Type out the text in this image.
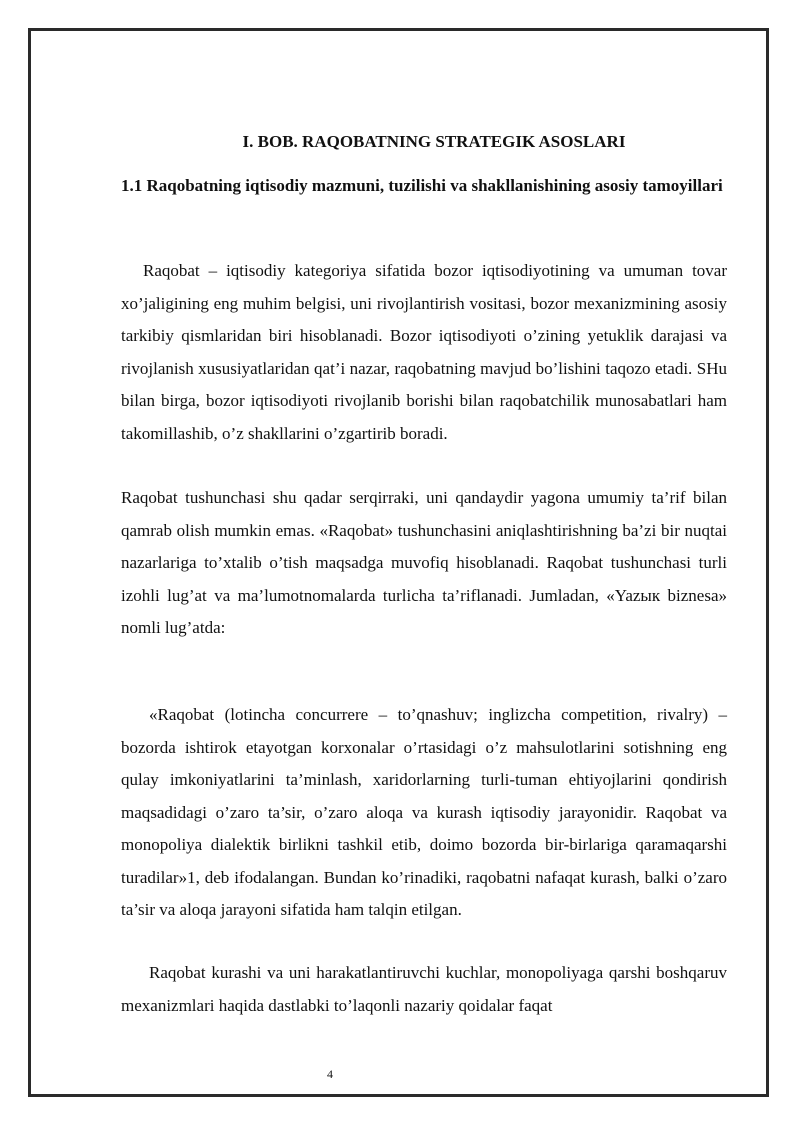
I. BOB. RAQOBATNING STRATEGIK ASOSLARI
1.1 Raqobatning iqtisodiy mazmuni, tuzilishi va shakllanishining asosiy tamoyillari

Raqobat – iqtisodiy kategoriya sifatida bozor iqtisodiyotining va umuman tovar xo’jaligining eng muhim belgisi, uni rivojlantirish vositasi, bozor mexanizmining asosiy tarkibiy qismlaridan biri hisoblanadi. Bozor iqtisodiyoti o’zining yetuklik darajasi va rivojlanish xususiyatlaridan qat’i nazar, raqobatning mavjud bo’lishini taqozo etadi. SHu bilan birga, bozor iqtisodiyoti rivojlanib borishi bilan raqobatchilik munosabatlari ham takomillashib, o’z shakllarini o’zgartirib boradi.

Raqobat tushunchasi shu qadar serqirraki, uni qandaydir yagona umumiy ta’rif bilan qamrab olish mumkin emas. «Raqobat» tushunchasini aniqlashtirishning ba’zi bir nuqtai nazarlariga to’xtalib o’tish maqsadga muvofiq hisoblanadi. Raqobat tushunchasi turli izohli lug’at va ma’lumotnomalarda turlicha ta’riflanadi. Jumladan, «Yazык biznesa» nomli lug’atda:

«Raqobat (lotincha concurrere – to’qnashuv; inglizcha competition, rivalry) – bozorda ishtirok etayotgan korxonalar o’rtasidagi o’z mahsulotlarini sotishning eng qulay imkoniyatlarini ta’minlash, xaridorlarning turli-tuman ehtiyojlarini qondirish maqsadidagi o’zaro ta’sir, o’zaro aloqa va kurash iqtisodiy jarayonidir. Raqobat va monopoliya dialektik birlikni tashkil etib, doimo bozorda bir-birlariga qaramaqarshi turadilar»1, deb ifodalangan. Bundan ko’rinadiki, raqobatni nafaqat kurash, balki o’zaro ta’sir va aloqa jarayoni sifatida ham talqin etilgan.

Raqobat kurashi va uni harakatlantiruvchi kuchlar, monopoliyaga qarshi boshqaruv mexanizmlari haqida dastlabki to’laqonli nazariy qoidalar faqat

4
